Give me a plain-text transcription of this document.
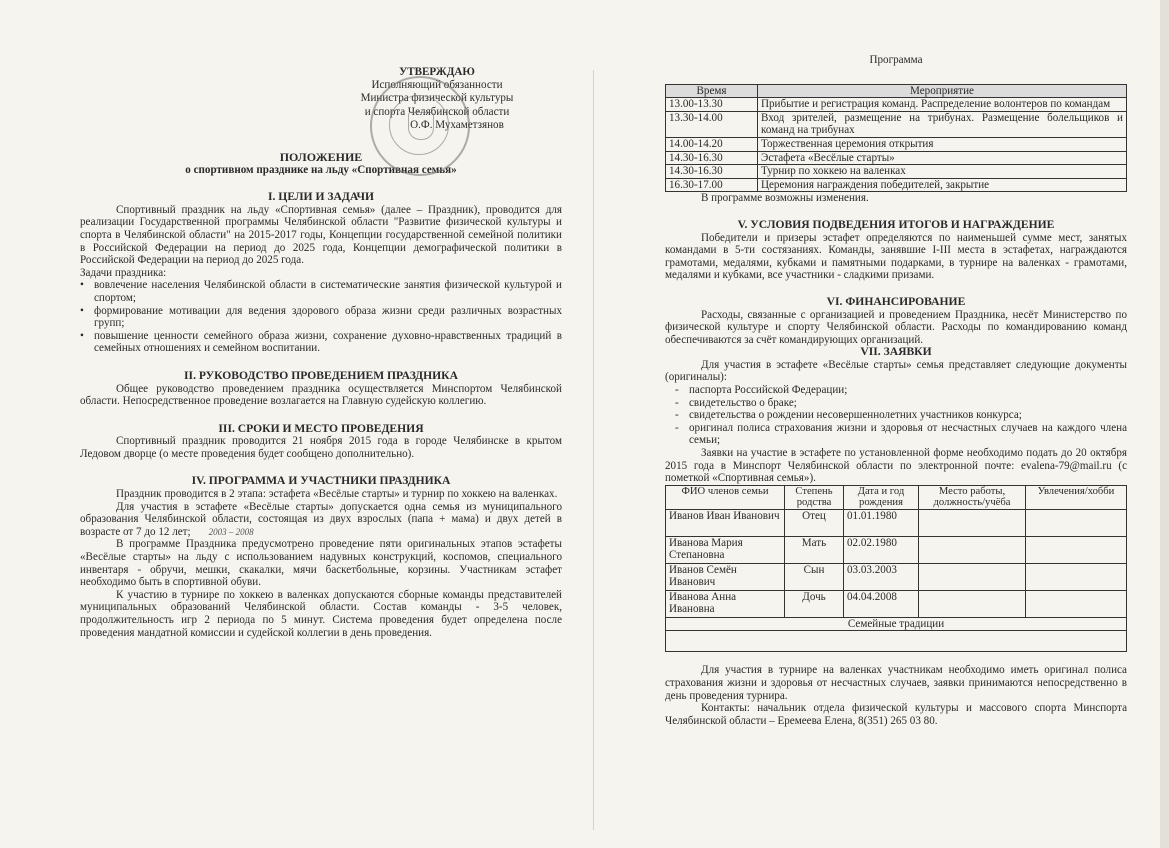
УТВЕРЖДАЮ
Исполняющий обязанности
Министра физической культуры
и спорта Челябинской области
О.Ф. Мухаметзянов
ПОЛОЖЕНИЕ
о спортивном празднике на льду «Спортивная семья»
I. ЦЕЛИ И ЗАДАЧИ

Спортивный праздник на льду «Спортивная семья» (далее – Праздник), проводится для реализации Государственной программы Челябинской области "Развитие физической культуры и спорта в Челябинской области" на 2015-2017 годы, Концепции государственной семейной политики в Российской Федерации на период до 2025 года, Концепции демографической политики в Российской Федерации на период до 2025 года.

Задачи праздника:

• вовлечение населения Челябинской области в систематические занятия физической культурой и спортом;
• формирование мотивации для ведения здорового образа жизни среди различных возрастных групп;
• повышение ценности семейного образа жизни, сохранение духовно-нравственных традиций в семейных отношениях и семейном воспитании.
II. РУКОВОДСТВО ПРОВЕДЕНИЕМ ПРАЗДНИКА

Общее руководство проведением праздника осуществляется Минспортом Челябинской области. Непосредственное проведение возлагается на Главную судейскую коллегию.

III. СРОКИ И МЕСТО ПРОВЕДЕНИЯ

Спортивный праздник проводится 21 ноября 2015 года в городе Челябинске в крытом Ледовом дворце (о месте проведения будет сообщено дополнительно).

IV. ПРОГРАММА И УЧАСТНИКИ ПРАЗДНИКА

Праздник проводится в 2 этапа: эстафета «Весёлые старты» и турнир по хоккею на валенках.

Для участия в эстафете «Весёлые старты» допускается одна семья из муниципального образования Челябинской области, состоящая из двух взрослых (папа + мама) и двух детей в возрасте от 7 до 12 лет; 2003 – 2008

В программе Праздника предусмотрено проведение пяти оригинальных этапов эстафеты «Весёлые старты» на льду с использованием надувных конструкций, коспомов, специального инвентаря - обручи, мешки, скакалки, мячи баскетбольные, корзины. Участникам эстафет необходимо быть в спортивной обуви.

К участию в турнире по хоккею в валенках допускаются сборные команды представителей муниципальных образований Челябинской области. Состав команды - 3-5 человек, продолжительность игр 2 периода по 5 минут. Система проведения будет определена после проведения мандатной комиссии и судейской коллегии в день проведения.

Программа
Время	Мероприятие
13.00-13.30	Прибытие и регистрация команд. Распределение волонтеров по командам
13.30-14.00	Вход зрителей, размещение на трибунах. Размещение болельщиков и команд на трибунах
14.00-14.20	Торжественная церемония открытия
14.30-16.30	Эстафета «Весёлые старты»
14.30-16.30	Турнир по хоккею на валенках
16.30-17.00	Церемония награждения победителей, закрытие

В программе возможны изменения.

V. УСЛОВИЯ ПОДВЕДЕНИЯ ИТОГОВ И НАГРАЖДЕНИЕ

Победители и призеры эстафет определяются по наименьшей сумме мест, занятых командами в 5-ти состязаниях. Команды, занявшие I-III места в эстафетах, награждаются грамотами, медалями, кубками и памятными подарками, в турнире на валенках - грамотами, медалями и кубками, все участники - сладкими призами.

VI. ФИНАНСИРОВАНИЕ

Расходы, связанные с организацией и проведением Праздника, несёт Министерство по физической культуре и спорту Челябинской области. Расходы по командированию команд обеспечиваются за счёт командирующих организаций.

VII. ЗАЯВКИ

Для участия в эстафете «Весёлые старты» семья представляет следующие документы (оригиналы):

- паспорта Российской Федерации;
- свидетельство о браке;
- свидетельства о рождении несовершеннолетних участников конкурса;
- оригинал полиса страхования жизни и здоровья от несчастных случаев на каждого члена семьи;

Заявки на участие в эстафете по установленной форме необходимо подать до 20 октября 2015 года в Минспорт Челябинской области по электронной почте: evalena-79@mail.ru (с пометкой «Спортивная семья»).

ФИО членов семьи	Степень родства	Дата и год рождения	Место работы, должность/учёба	Увлечения/хобби
Иванов Иван Иванович	Отец	01.01.1980		
Иванова Мария Степановна	Мать	02.02.1980		
Иванов Семён Иванович	Сын	03.03.2003		
Иванова Анна Ивановна	Дочь	04.04.2008		
Семейные традиции				

Для участия в турнире на валенках участникам необходимо иметь оригинал полиса страхования жизни и здоровья от несчастных случаев, заявки принимаются непосредственно в день проведения турнира.

Контакты: начальник отдела физической культуры и массового спорта Минспорта Челябинской области – Еремеева Елена, 8(351) 265 03 80.
